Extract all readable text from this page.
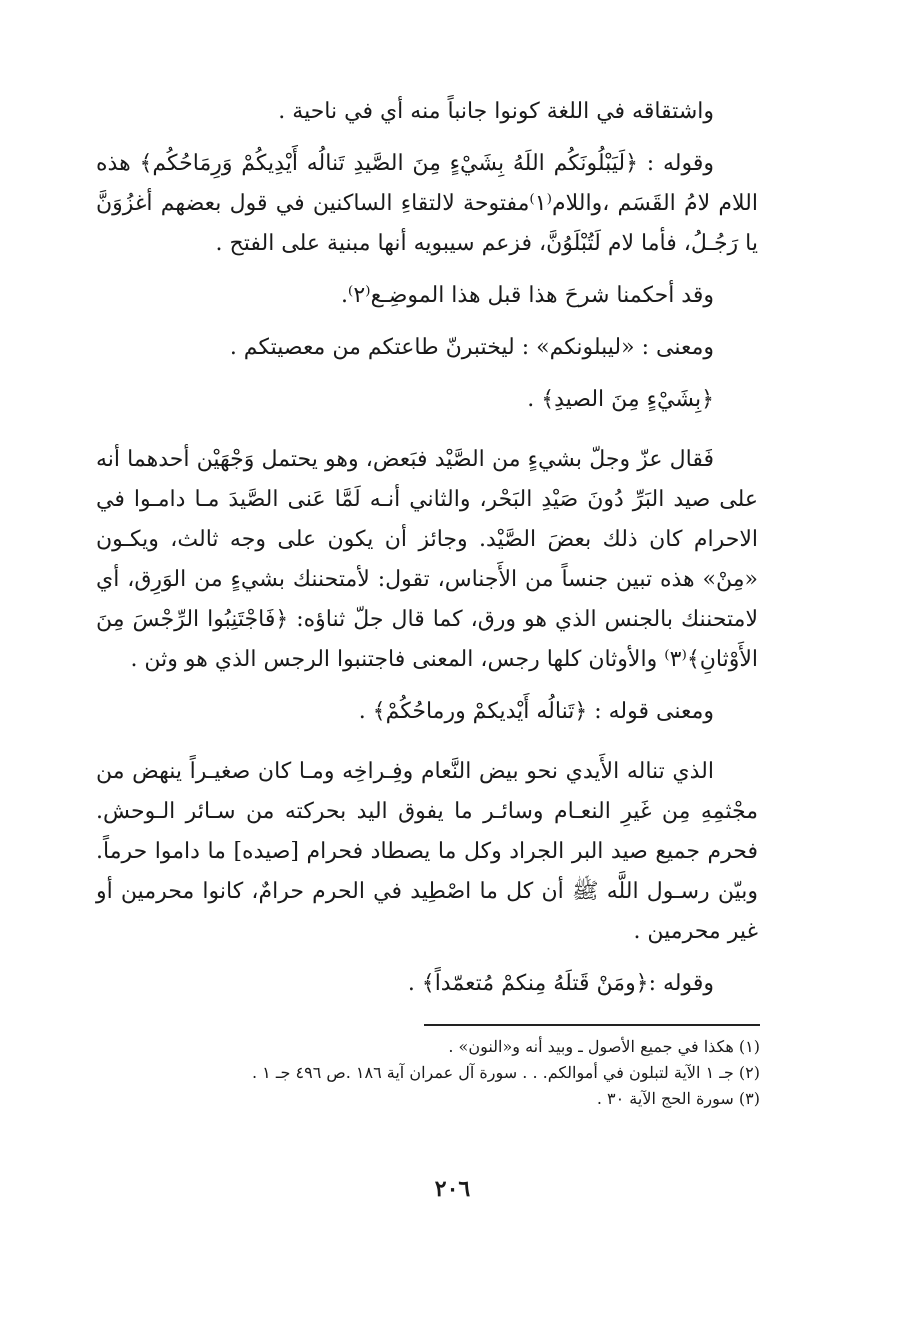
واشتقاقه في اللغة كونوا جانباً منه أي في ناحية .

وقوله : ﴿لَيَبْلُونَكُم اللَهُ بِشَيْءٍ مِنَ الصَّيدِ تَنالُه أَيْدِيكُمْ وَرِمَاحُكُم﴾ هذه اللام لامُ القَسَم ،واللام⁽١⁾مفتوحة لالتقاءِ الساكنين في قول بعضهم أغزُوَنَّ يا رَجُـلُ، فأما لام لَتُبْلَوُنَّ، فزعم سيبويه أنها مبنية على الفتح .

وقد أحكمنا شرحَ هذا قبل هذا الموضِـع⁽٢⁾.

ومعنى : «ليبلونكم» : ليختبرنّ طاعتكم من معصيتكم .

﴿بِشَيْءٍ مِنَ الصيدِ﴾ .

فَقال عزّ وجلّ بشيءٍ من الصَّيْد فبَعض، وهو يحتمل وَجْهَيْن أحدهما أنه على صيد البَرِّ دُونَ صَيْدِ البَحْر، والثاني أنـه لَمَّا عَنى الصَّيدَ مـا دامـوا في الاحرام كان ذلك بعضَ الصَّيْد. وجائز أن يكون على وجه ثالث، ويكـون «مِنْ» هذه تبين جنساً من الأَجناس، تقول: لأمتحننك بشيءٍ من الوَرِق، أي لامتحننك بالجنس الذي هو ورق، كما قال جلّ ثناؤه: ﴿فَاجْتَنِبُوا الرِّجْسَ مِنَ الأَوْثانِ﴾⁽٣⁾ والأوثان كلها رجس، المعنى فاجتنبوا الرجس الذي هو وثن .

ومعنى قوله : ﴿تَنالُه أَيْديكمْ ورماحُكُمْ﴾ .

الذي تناله الأَيدي نحو بيض النَّعام وفِـراخِه ومـا كان صغيـراً ينهض من مجْثمِهِ مِن غَيرِ النعـام وسائـر ما يفوق اليد بحركته من سـائر الـوحش. فحرم جميع صيد البر الجراد وكل ما يصطاد فحرام [صيده] ما داموا حرماً. وبيّن رسـول اللَّه ﷺ أن كل ما اصْطِيد في الحرم حرامٌ، كانوا محرمين أو غير محرمين .

وقوله :﴿ومَنْ قَتلَهُ مِنكمْ مُتعمّداً﴾ .

(١) هكذا في جميع الأصول ـ وبيد أنه و«النون» .

(٢) جـ ١ الآية لتبلون في أموالكم. . . سورة آل عمران آية ١٨٦ .ص ٤٩٦ جـ ١ .

(٣) سورة الحج الآية ٣٠ .

٢٠٦
